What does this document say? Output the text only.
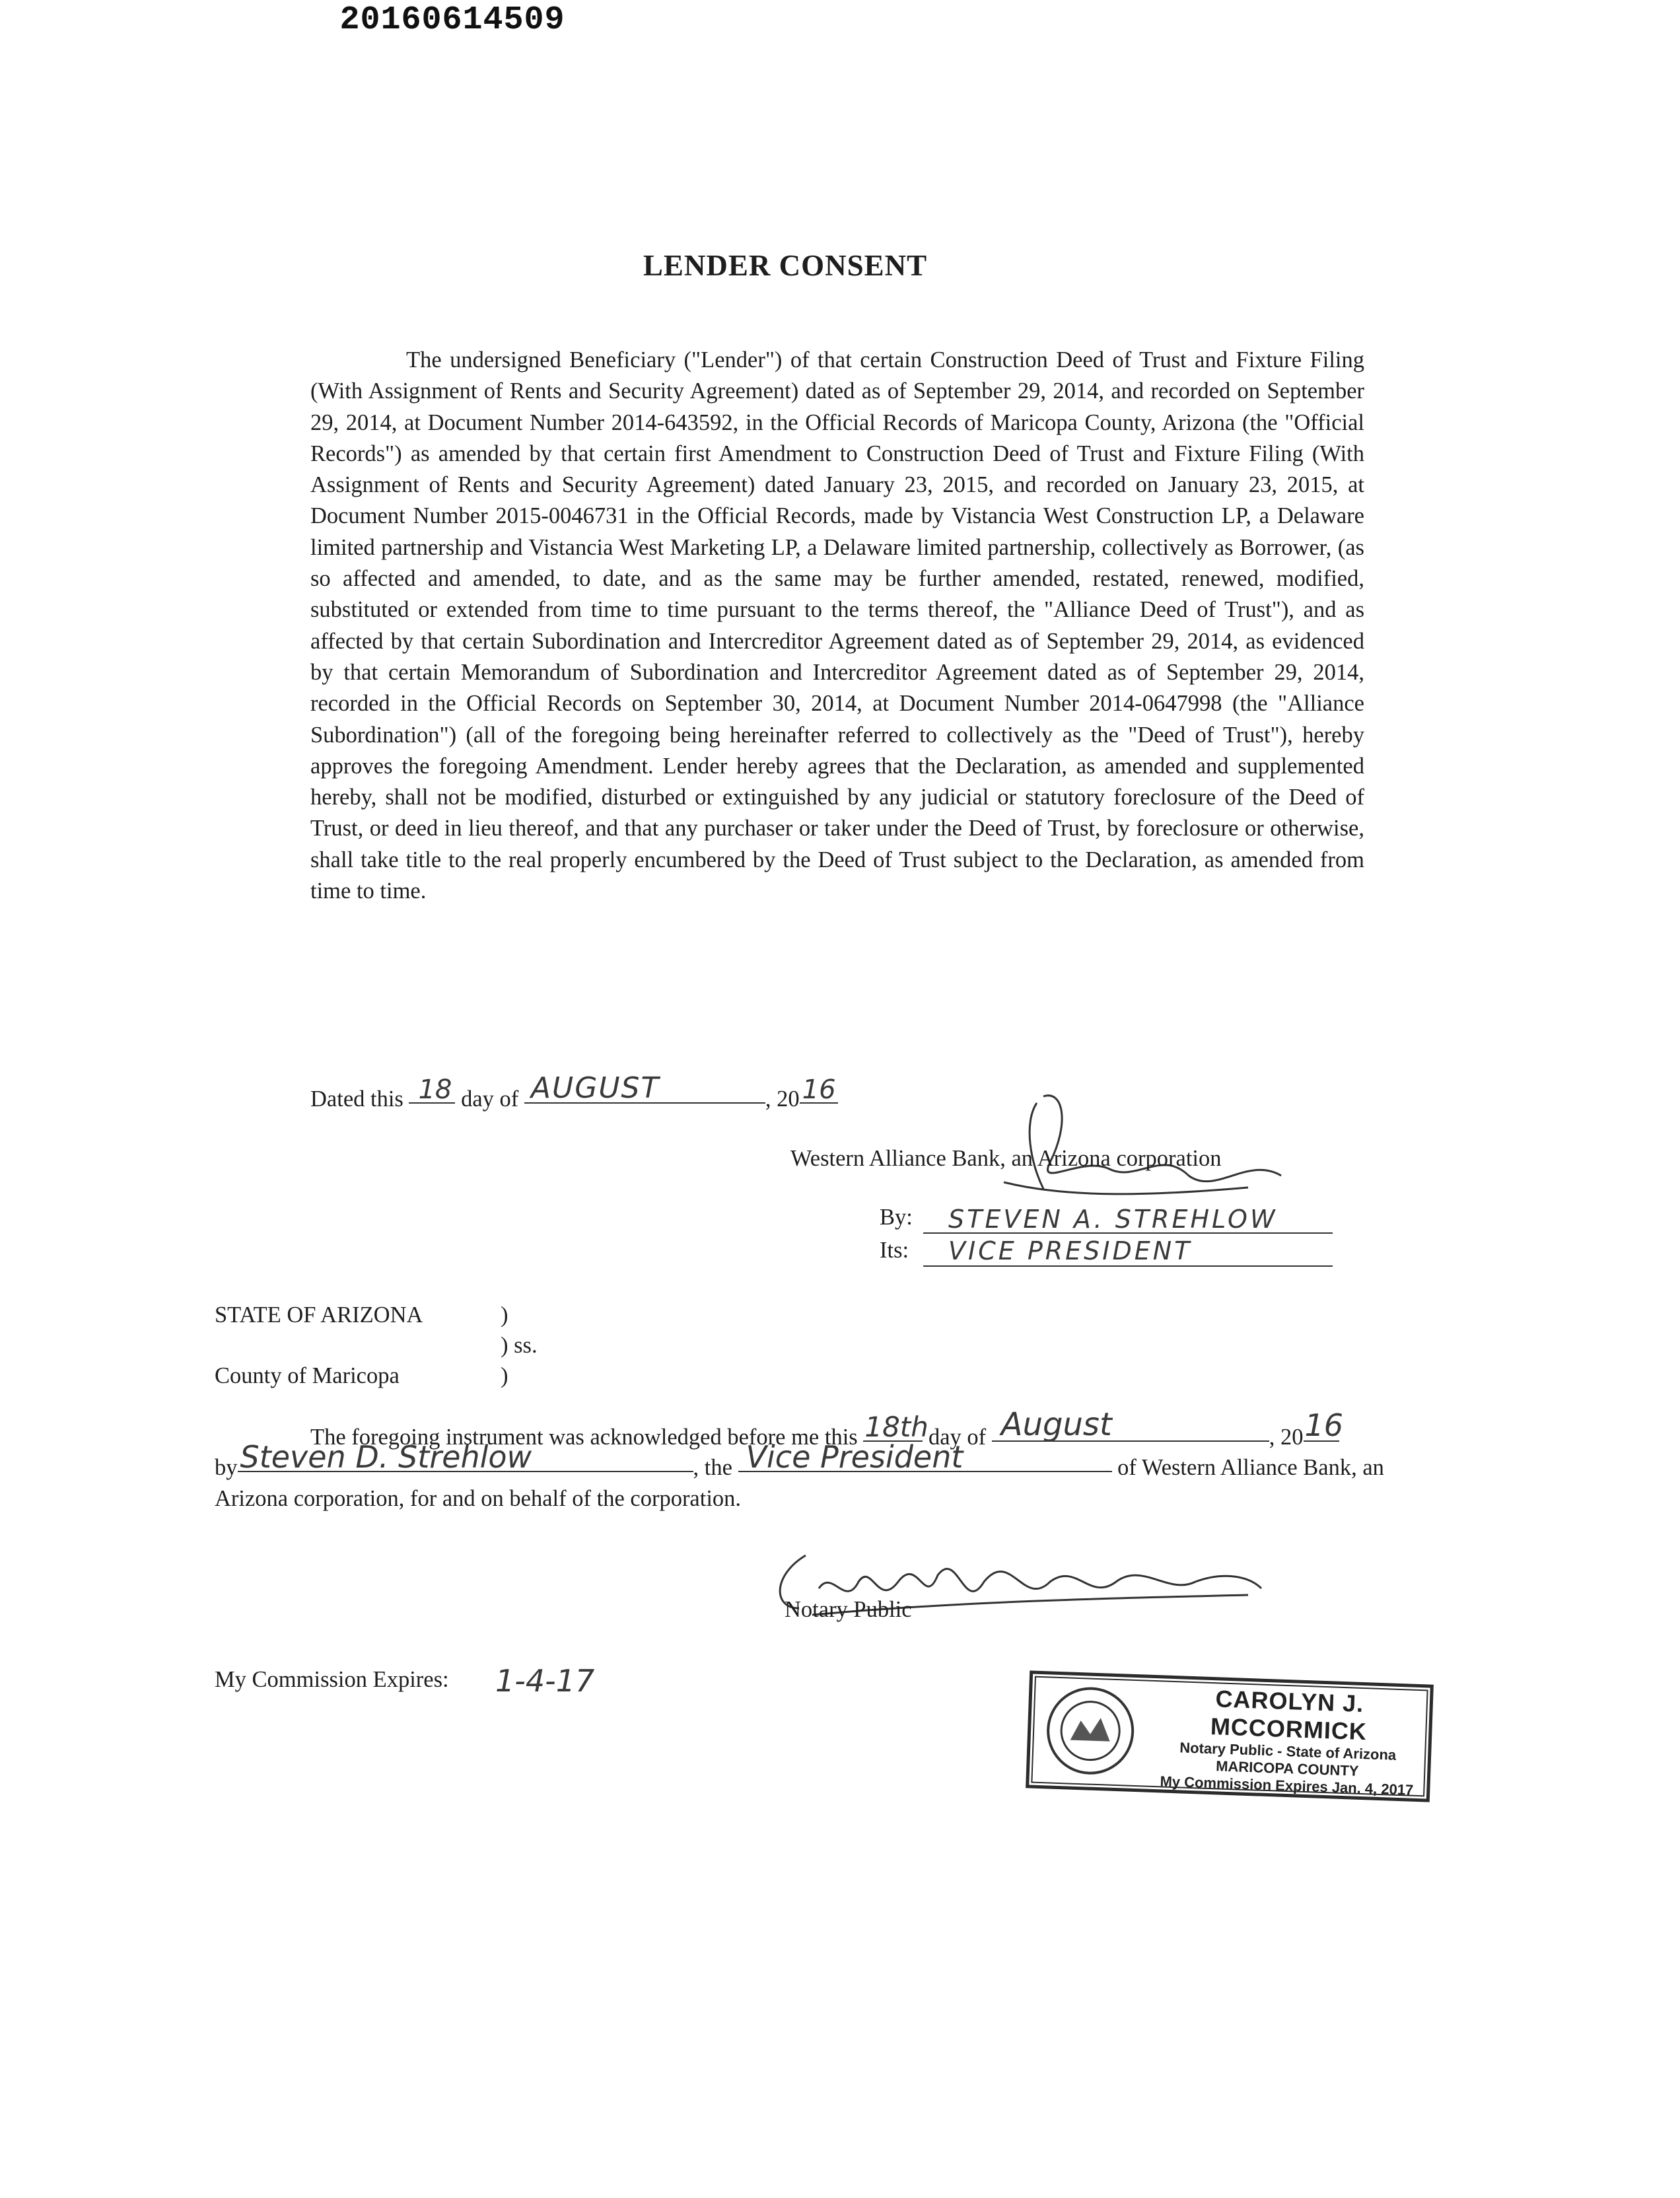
20160614509
LENDER CONSENT

The undersigned Beneficiary ("Lender") of that certain Construction Deed of Trust and Fixture Filing (With Assignment of Rents and Security Agreement) dated as of September 29, 2014, and recorded on September 29, 2014, at Document Number 2014-643592, in the Official Records of Maricopa County, Arizona (the "Official Records") as amended by that certain first Amendment to Construction Deed of Trust and Fixture Filing (With Assignment of Rents and Security Agreement) dated January 23, 2015, and recorded on January 23, 2015, at Document Number 2015-0046731 in the Official Records, made by Vistancia West Construction LP, a Delaware limited partnership and Vistancia West Marketing LP, a Delaware limited partnership, collectively as Borrower, (as so affected and amended, to date, and as the same may be further amended, restated, renewed, modified, substituted or extended from time to time pursuant to the terms thereof, the "Alliance Deed of Trust"), and as affected by that certain Subordination and Intercreditor Agreement dated as of September 29, 2014, as evidenced by that certain Memorandum of Subordination and Intercreditor Agreement dated as of September 29, 2014, recorded in the Official Records on September 30, 2014, at Document Number 2014-0647998 (the "Alliance Subordination") (all of the foregoing being hereinafter referred to collectively as the "Deed of Trust"), hereby approves the foregoing Amendment. Lender hereby agrees that the Declaration, as amended and supplemented hereby, shall not be modified, disturbed or extinguished by any judicial or statutory foreclosure of the Deed of Trust, or deed in lieu thereof, and that any purchaser or taker under the Deed of Trust, by foreclosure or otherwise, shall take title to the real properly encumbered by the Deed of Trust subject to the Declaration, as amended from time to time.

Dated this 18 day of AUGUST	, 20 16
Western Alliance Bank, an Arizona corporation
By: STEVEN A. STREHLOW
Its: VICE PRESIDENT
STATE OF ARIZONA	)
) ss.
County of Maricopa	)
The foregoing instrument was acknowledged before me this 18th day of August	, 20 16
by Steven D. Strehlow	, the Vice President	of Western Alliance Bank, an
Arizona corporation, for and on behalf of the corporation.
Notary Public
My Commission Expires: 1-4-17
CAROLYN J. MCCORMICK
Notary Public - State of Arizona
MARICOPA COUNTY
My Commission Expires Jan. 4, 2017
